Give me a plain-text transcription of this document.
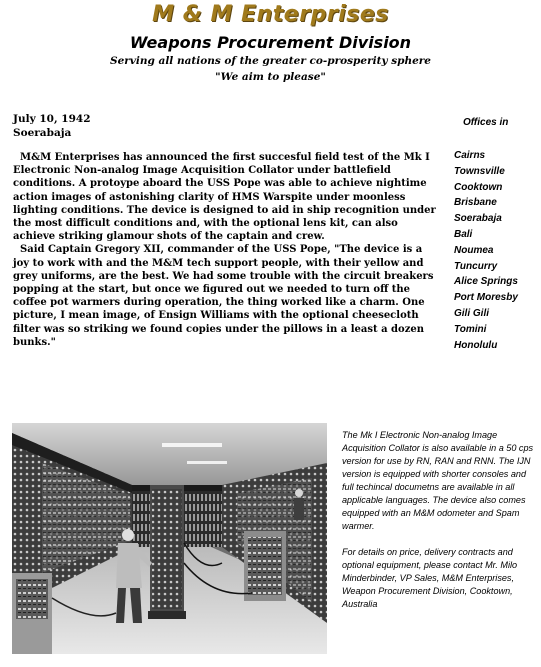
M & M Enterprises
Weapons Procurement Division
Serving all nations of the greater co-prosperity sphere
"We aim to please"
July 10, 1942
Soerabaja

M&M Enterprises has announced the first succesful field test of the Mk I Electronic Non-analog Image Acquisition Collator under battlefield conditions. A protoype aboard the USS Pope was able to achieve nightime action images of astonishing clarity of HMS Warspite under moonless lighting conditions. The device is designed to aid in ship recognition under the most difficult conditions and, with the optional lens kit, can also achieve striking glamour shots of the captain and crew.

Said Captain Gregory XII, commander of the USS Pope, "The device is a joy to work with and the M&M tech support people, with their yellow and grey uniforms, are the best. We had some trouble with the circuit breakers popping at the start, but once we figured out we needed to turn off the coffee pot warmers during operation, the thing worked like a charm. One picture, I mean image, of Ensign Williams with the optional cheesecloth filter was so striking we found copies under the pillows in a least a dozen bunks."

Offices in
Cairns
Townsville
Cooktown
Brisbane
Soerabaja
Bali
Noumea
Tuncurry
Alice Springs
Port Moresby
Gili Gili
Tomini
Honolulu

The Mk I Electronic Non-analog Image Acquisition Collator is also available in a 50 cps version for use by RN, RAN and RNN. The IJN version is equipped with shorter consoles and full techincal documetns are available in all applicable languages. The device also comes equipped with an M&M odometer and Spam warmer.

For details on price, delivery contracts and optional equipment, please contact Mr. Milo Minderbinder, VP Sales, M&M Enterprises, Weapon Procurement Division, Cooktown, Australia
